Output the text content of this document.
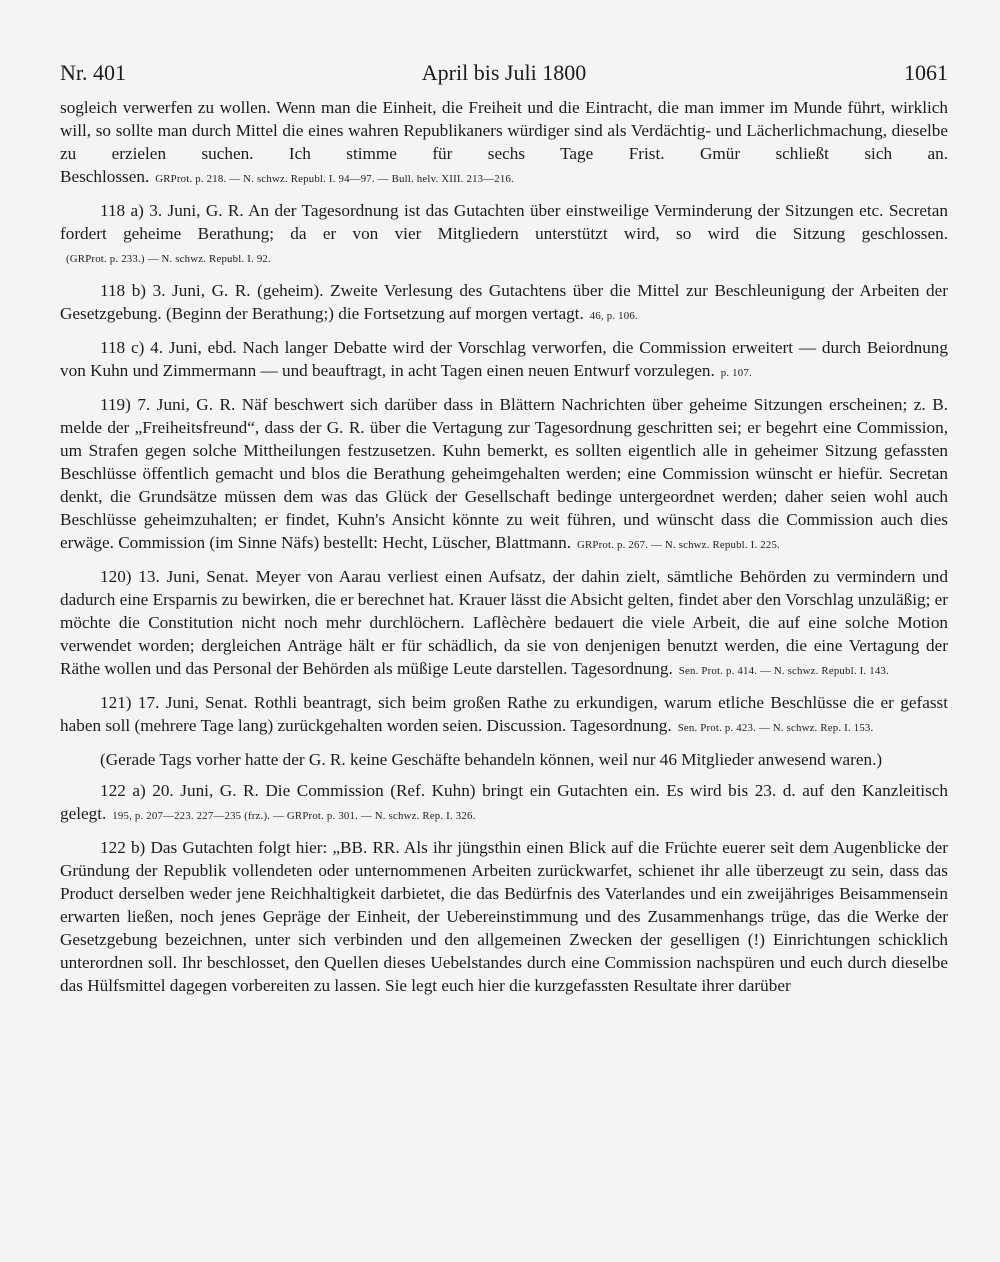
Nr. 401	April bis Juli 1800	1061

sogleich verwerfen zu wollen. Wenn man die Einheit, die Freiheit und die Eintracht, die man immer im Munde führt, wirklich will, so sollte man durch Mittel die eines wahren Republikaners würdiger sind als Verdächtig- und Lächerlichmachung, dieselbe zu erzielen suchen. Ich stimme für sechs Tage Frist. Gmür schließt sich an. Beschlossen. GRProt. p. 218. — N. schwz. Republ. I. 94—97. — Bull. helv. XIII. 213—216.

118 a) 3. Juni, G. R. An der Tagesordnung ist das Gutachten über einstweilige Verminderung der Sitzungen etc. Secretan fordert geheime Berathung; da er von vier Mitgliedern unterstützt wird, so wird die Sitzung geschlossen.(GRProt. p. 233.) — N. schwz. Republ. I. 92.

118 b) 3. Juni, G. R. (geheim). Zweite Verlesung des Gutachtens über die Mittel zur Beschleunigung der Arbeiten der Gesetzgebung. (Beginn der Berathung;) die Fortsetzung auf morgen vertagt. 46, p. 106.

118 c) 4. Juni, ebd. Nach langer Debatte wird der Vorschlag verworfen, die Commission erweitert — durch Beiordnung von Kuhn und Zimmermann — und beauftragt, in acht Tagen einen neuen Entwurf vorzulegen. p. 107.

119) 7. Juni, G. R. Näf beschwert sich darüber dass in Blättern Nachrichten über geheime Sitzungen erscheinen; z. B. melde der „Freiheitsfreund“, dass der G. R. über die Vertagung zur Tagesordnung geschritten sei; er begehrt eine Commission, um Strafen gegen solche Mittheilungen festzusetzen. Kuhn bemerkt, es sollten eigentlich alle in geheimer Sitzung gefassten Beschlüsse öffentlich gemacht und blos die Berathung geheimgehalten werden; eine Commission wünscht er hiefür. Secretan denkt, die Grundsätze müssen dem was das Glück der Gesellschaft bedinge untergeordnet werden; daher seien wohl auch Beschlüsse geheimzuhalten; er findet, Kuhn's Ansicht könnte zu weit führen, und wünscht dass die Commission auch dies erwäge. Commission (im Sinne Näfs) bestellt: Hecht, Lüscher, Blattmann. GRProt. p. 267. — N. schwz. Republ. I. 225.

120) 13. Juni, Senat. Meyer von Aarau verliest einen Aufsatz, der dahin zielt, sämtliche Behörden zu vermindern und dadurch eine Ersparnis zu bewirken, die er berechnet hat. Krauer lässt die Absicht gelten, findet aber den Vorschlag unzuläßig; er möchte die Constitution nicht noch mehr durchlöchern. Laflèchère bedauert die viele Arbeit, die auf eine solche Motion verwendet worden; dergleichen Anträge hält er für schädlich, da sie von denjenigen benutzt werden, die eine Vertagung der Räthe wollen und das Personal der Behörden als müßige Leute darstellen. Tagesordnung. Sen. Prot. p. 414. — N. schwz. Republ. I. 143.

121) 17. Juni, Senat. Rothli beantragt, sich beim großen Rathe zu erkundigen, warum etliche Beschlüsse die er gefasst haben soll (mehrere Tage lang) zurückgehalten worden seien. Discussion. Tagesordnung. Sen. Prot. p. 423. — N. schwz. Rep. I. 153.

(Gerade Tags vorher hatte der G. R. keine Geschäfte behandeln können, weil nur 46 Mitglieder anwesend waren.)

122 a) 20. Juni, G. R. Die Commission (Ref. Kuhn) bringt ein Gutachten ein. Es wird bis 23. d. auf den Kanzleitisch gelegt. 195, p. 207—223. 227—235 (frz.). — GRProt. p. 301. — N. schwz. Rep. I. 326.

122 b) Das Gutachten folgt hier: „BB. RR. Als ihr jüngsthin einen Blick auf die Früchte euerer seit dem Augenblicke der Gründung der Republik vollendeten oder unternommenen Arbeiten zurückwarfet, schienet ihr alle überzeugt zu sein, dass das Product derselben weder jene Reichhaltigkeit darbietet, die das Bedürfnis des Vaterlandes und ein zweijähriges Beisammensein erwarten ließen, noch jenes Gepräge der Einheit, der Uebereinstimmung und des Zusammenhangs trüge, das die Werke der Gesetzgebung bezeichnen, unter sich verbinden und den allgemeinen Zwecken der geselligen (!) Einrichtungen schicklich unterordnen soll. Ihr beschlosset, den Quellen dieses Uebelstandes durch eine Commission nachspüren und euch durch dieselbe das Hülfsmittel dagegen vorbereiten zu lassen. Sie legt euch hier die kurzgefassten Resultate ihrer darüber
